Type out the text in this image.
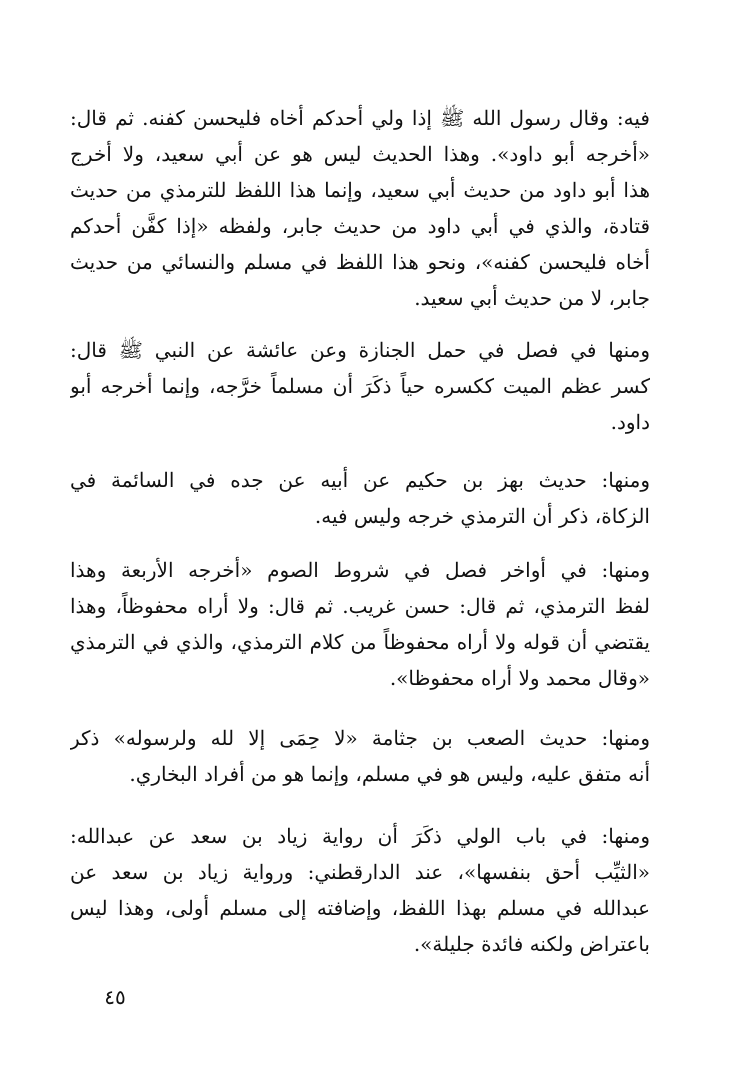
فيه: وقال رسول الله ﷺ إذا ولي أحدكم أخاه فليحسن كفنه. ثم قال:
«أخرجه أبو داود». وهذا الحديث ليس هو عن أبي سعيد، ولا أخرج
هذا أبو داود من حديث أبي سعيد، وإنما هذا اللفظ للترمذي من حديث
قتادة، والذي في أبي داود من حديث جابر، ولفظه «إذا كفَّن أحدكم
أخاه فليحسن كفنه»، ونحو هذا اللفظ في مسلم والنسائي من حديث
جابر، لا من حديث أبي سعيد.
ومنها في فصل في حمل الجنازة وعن عائشة عن النبي ﷺ قال:
كسر عظم الميت ككسره حياً ذكَرَ أن مسلماً خرَّجه، وإنما أخرجه أبو
داود.
ومنها: حديث بهز بن حكيم عن أبيه عن جده في السائمة في
الزكاة، ذكر أن الترمذي خرجه وليس فيه.
ومنها: في أواخر فصل في شروط الصوم «أخرجه الأربعة وهذا
لفظ الترمذي، ثم قال: حسن غريب. ثم قال: ولا أراه محفوظاً، وهذا
يقتضي أن قوله ولا أراه محفوظاً من كلام الترمذي، والذي في الترمذي
«وقال محمد ولا أراه محفوظا».
ومنها: حديث الصعب بن جثامة «لا حِمَى إلا لله ولرسوله» ذكر
أنه متفق عليه، وليس هو في مسلم، وإنما هو من أفراد البخاري.
ومنها: في باب الولي ذكَرَ أن رواية زياد بن سعد عن عبدالله:
«الثيِّب أحق بنفسها»، عند الدارقطني: ورواية زياد بن سعد عن
عبدالله في مسلم بهذا اللفظ، وإضافته إلى مسلم أولى، وهذا ليس
باعتراض ولكنه فائدة جليلة».
٤٥
